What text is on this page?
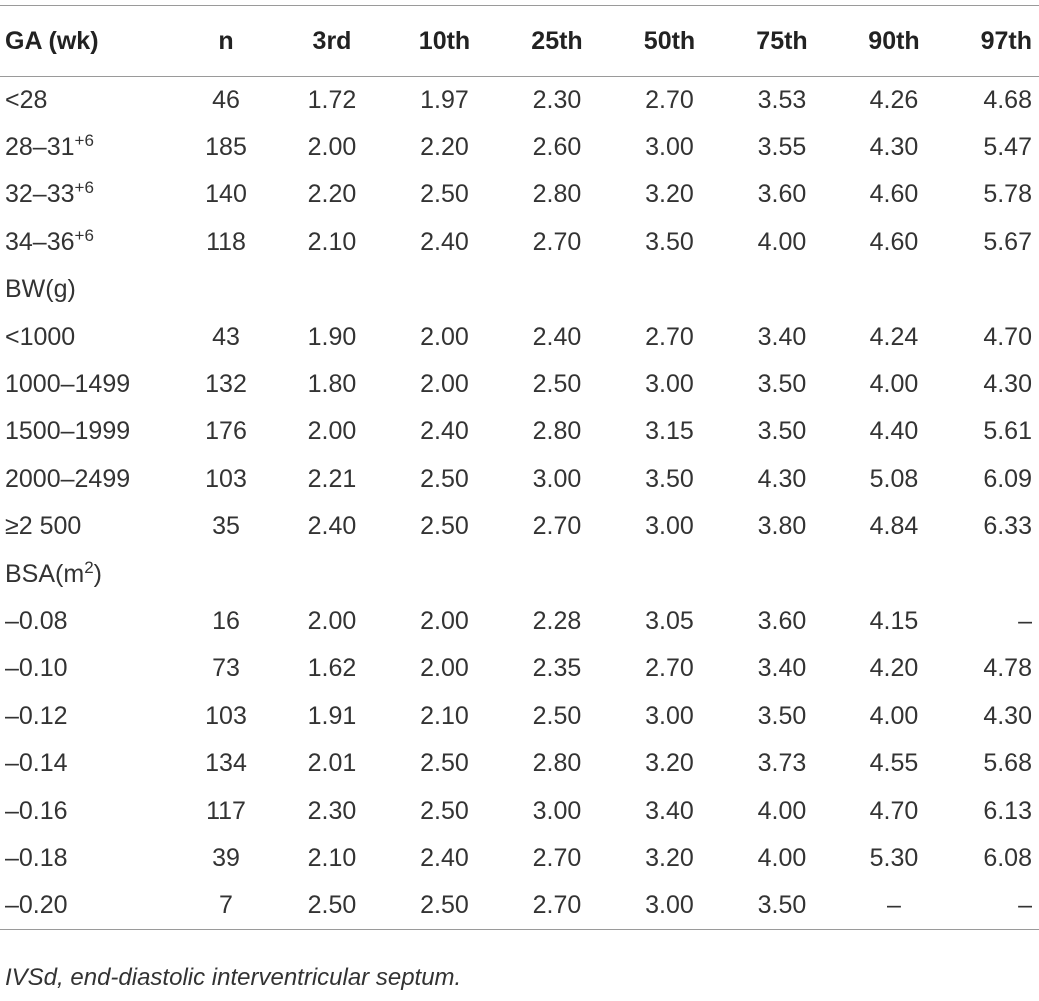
GA (wk)	n	3rd	10th	25th	50th	75th	90th	97th
<28	46	1.72	1.97	2.30	2.70	3.53	4.26	4.68
$28-31^{+6}$	185	2.00	2.20	2.60	3.00	3.55	4.30	5.47
$32-33^{+6}$	140	2.20	2.50	2.80	3.20	3.60	4.60	5.78
$34-36^{+6}$	118	2.10	2.40	2.70	3.50	4.00	4.60	5.67
BW(g)								
<1000	43	1.90	2.00	2.40	2.70	3.40	4.24	4.70
1000–1499	132	1.80	2.00	2.50	3.00	3.50	4.00	4.30
1500–1999	176	2.00	2.40	2.80	3.15	3.50	4.40	5.61
2000–2499	103	2.21	2.50	3.00	3.50	4.30	5.08	6.09
≥2 500	35	2.40	2.50	2.70	3.00	3.80	4.84	6.33
$BSA(m^2)$								
–0.08	16	2.00	2.00	2.28	3.05	3.60	4.15	–
–0.10	73	1.62	2.00	2.35	2.70	3.40	4.20	4.78
–0.12	103	1.91	2.10	2.50	3.00	3.50	4.00	4.30
–0.14	134	2.01	2.50	2.80	3.20	3.73	4.55	5.68
–0.16	117	2.30	2.50	3.00	3.40	4.00	4.70	6.13
–0.18	39	2.10	2.40	2.70	3.20	4.00	5.30	6.08
–0.20	7	2.50	2.50	2.70	3.00	3.50	–	–
IVSd, end-diastolic interventricular septum.
